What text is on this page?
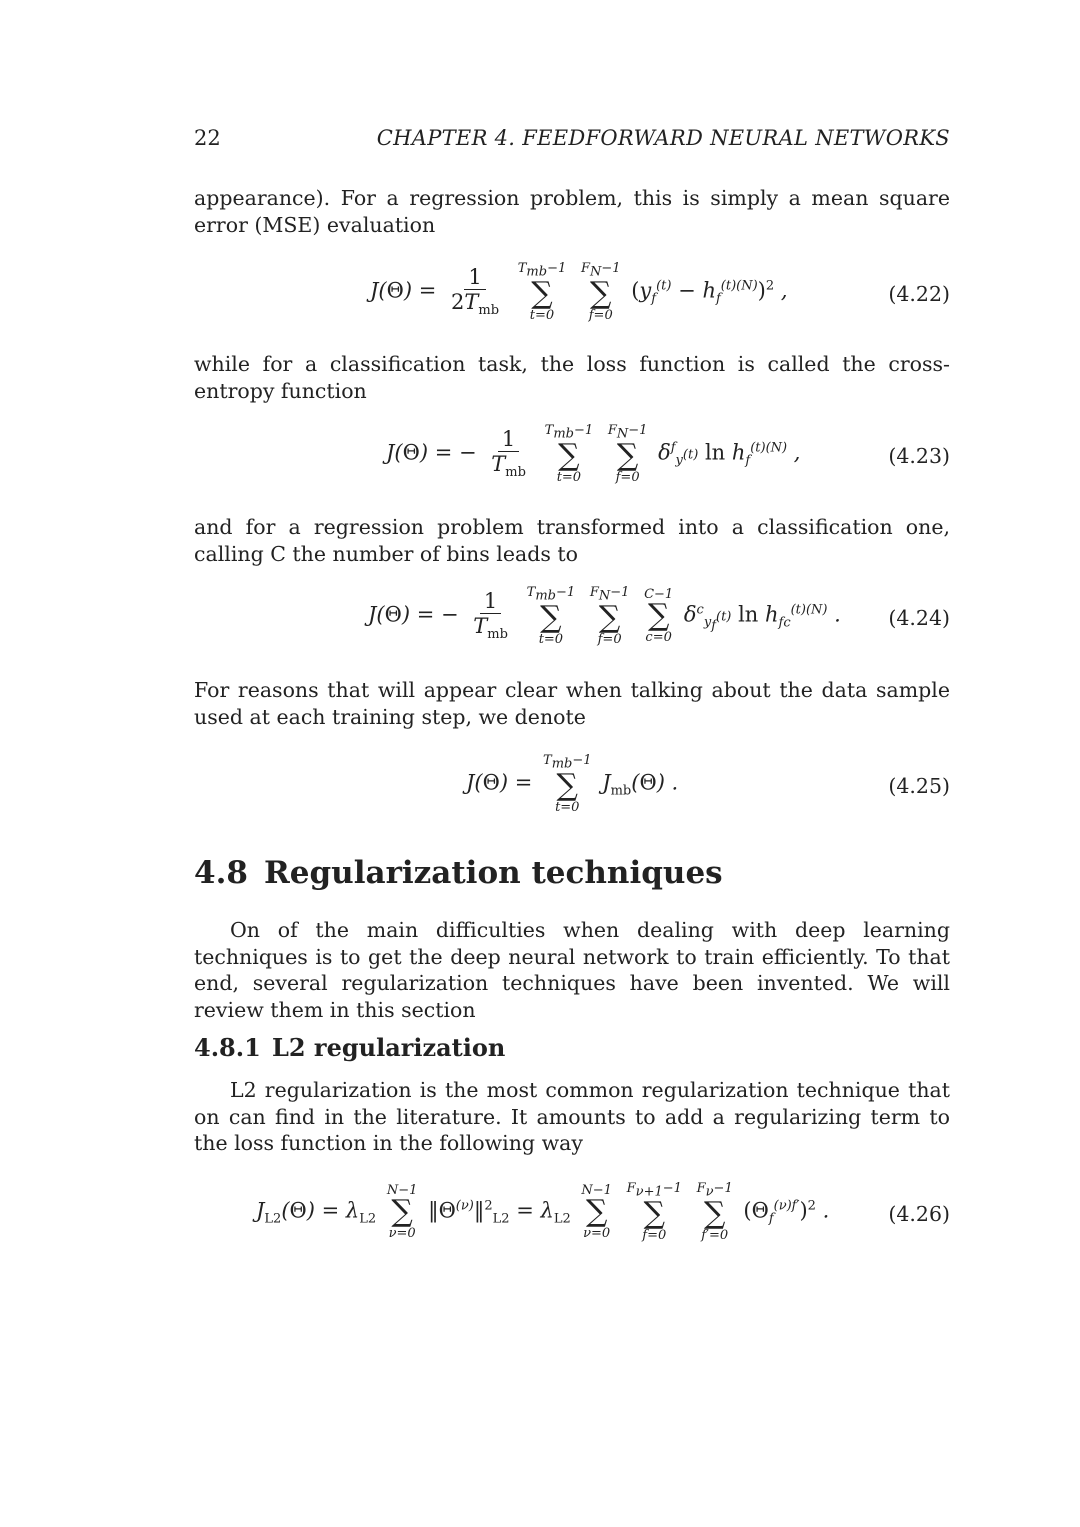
22	CHAPTER 4. FEEDFORWARD NEURAL NETWORKS

appearance). For a regression problem, this is simply a mean square error (MSE) evaluation

$J(\Theta) = \frac{1}{2T_{mb}}$
$T_{mb}-1$
∑
t=0

$F_N-1$
∑
f=0
$(y_f^{(t)} - h_f^{(t)(N)})^2$ ,	(4.22)

while for a classification task, the loss function is called the cross-entropy function

J(Θ) = − $\frac{1}{T_{mb}}$
$T_{mb}-1$
∑
t=0

$F_N-1$
∑
f=0
$\delta^f_{y^{(t)}}$ $\ln h_f^{(t)(N)}$ ,	(4.23)

and for a regression problem transformed into a classification one, calling C the number of bins leads to

J(Θ) = − $\frac{1}{T_{mb}}$
$T_{mb}-1$
∑
t=0

$F_N-1$
∑
f=0

C−1
∑
c=0
$\delta^c_{y_f^{(t)}}$ $\ln h_{fc}^{(t)(N)}$ . (4.24)

For reasons that will appear clear when talking about the data sample used at each training step, we denote

J(Θ) =
$T_{mb}-1$
∑
t=0
$J_{mb}(\Theta)$ .	(4.25)
4.8 Regularization techniques

On of the main difficulties when dealing with deep learning techniques is to get the deep neural network to train efficiently. To that end, several regularization techniques have been invented. We will review them in this section

4.8.1 L2 regularization

L2 regularization is the most common regularization technique that on can find in the literature. It amounts to add a regularizing term to the loss function in the following way

$J_{L2}(\Theta) = \lambda_{L2}$
N−1
∑
ν=0
$‖\Theta^{(\nu)}‖^2_{L2} = \lambda_{L2}$
N−1
∑
ν=0

$F_{\nu+1}-1$
∑
f=0

$F_\nu-1$
∑
f′=0
$(\Theta_f^{(\nu)f'})^2$ .	(4.26)
